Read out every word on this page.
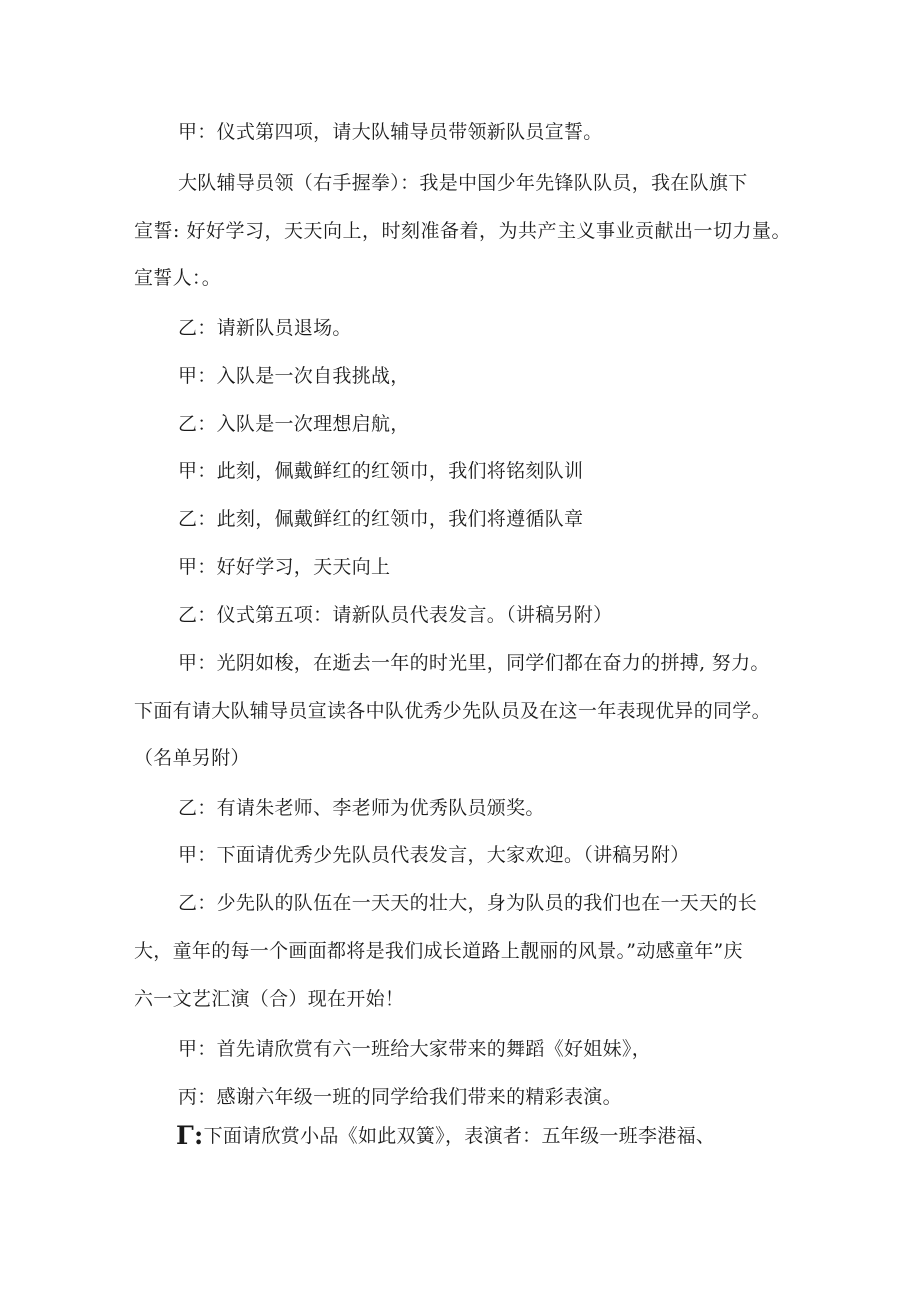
甲：仪式第四项，请大队辅导员带领新队员宣誓。
大队辅导员领（右手握拳）：我是中国少年先锋队队员，我在队旗下
宣誓: 好好学习，天天向上，时刻准备着，为共产主义事业贡献出一切力量。
宣誓人：。
乙：请新队员退场。
甲：入队是一次自我挑战，
乙：入队是一次理想启航，
甲：此刻，佩戴鲜红的红领巾，我们将铭刻队训
乙：此刻，佩戴鲜红的红领巾，我们将遵循队章
甲：好好学习，天天向上
乙：仪式第五项：请新队员代表发言。（讲稿另附）
甲：光阴如梭，在逝去一年的时光里，同学们都在奋力的拼搏, 努力。
下面有请大队辅导员宣读各中队优秀少先队员及在这一年表现优异的同学。
（名单另附）
乙：有请朱老师、李老师为优秀队员颁奖。
甲：下面请优秀少先队员代表发言，大家欢迎。（讲稿另附）
乙：少先队的队伍在一天天的壮大，身为队员的我们也在一天天的长
大，童年的每一个画面都将是我们成长道路上靓丽的风景。”动感童年”庆
六一文艺汇演（合）现在开始！
甲：首先请欣赏有六一班给大家带来的舞蹈《好姐妹》，
丙：感谢六年级一班的同学给我们带来的精彩表演。
Γ:下面请欣赏小品《如此双簧》，表演者：五年级一班李港福、
